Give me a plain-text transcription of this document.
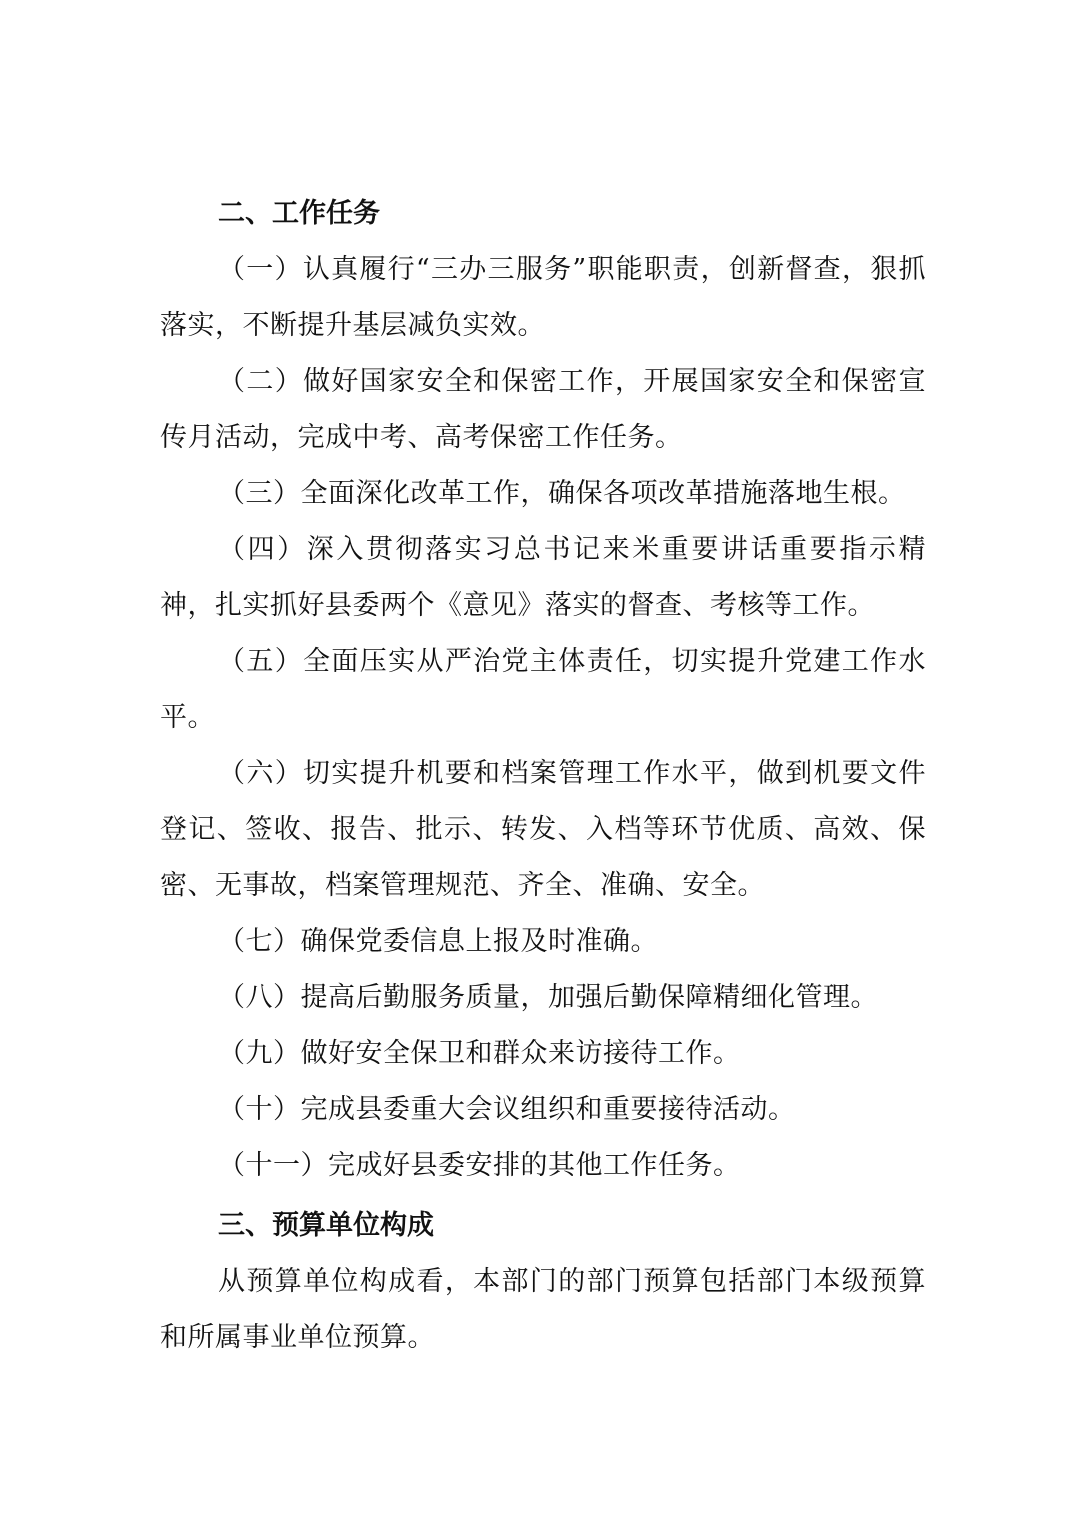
二、工作任务

（一）认真履行“三办三服务”职能职责，创新督查，狠抓落实，不断提升基层减负实效。

（二）做好国家安全和保密工作，开展国家安全和保密宣传月活动，完成中考、高考保密工作任务。

（三）全面深化改革工作，确保各项改革措施落地生根。

（四）深入贯彻落实习总书记来米重要讲话重要指示精神，扎实抓好县委两个《意见》落实的督查、考核等工作。

（五）全面压实从严治党主体责任，切实提升党建工作水平。

（六）切实提升机要和档案管理工作水平，做到机要文件登记、签收、报告、批示、转发、入档等环节优质、高效、保密、无事故，档案管理规范、齐全、准确、安全。

（七）确保党委信息上报及时准确。

（八）提高后勤服务质量，加强后勤保障精细化管理。

（九）做好安全保卫和群众来访接待工作。

（十）完成县委重大会议组织和重要接待活动。

（十一）完成好县委安排的其他工作任务。

三、预算单位构成

从预算单位构成看，本部门的部门预算包括部门本级预算和所属事业单位预算。
